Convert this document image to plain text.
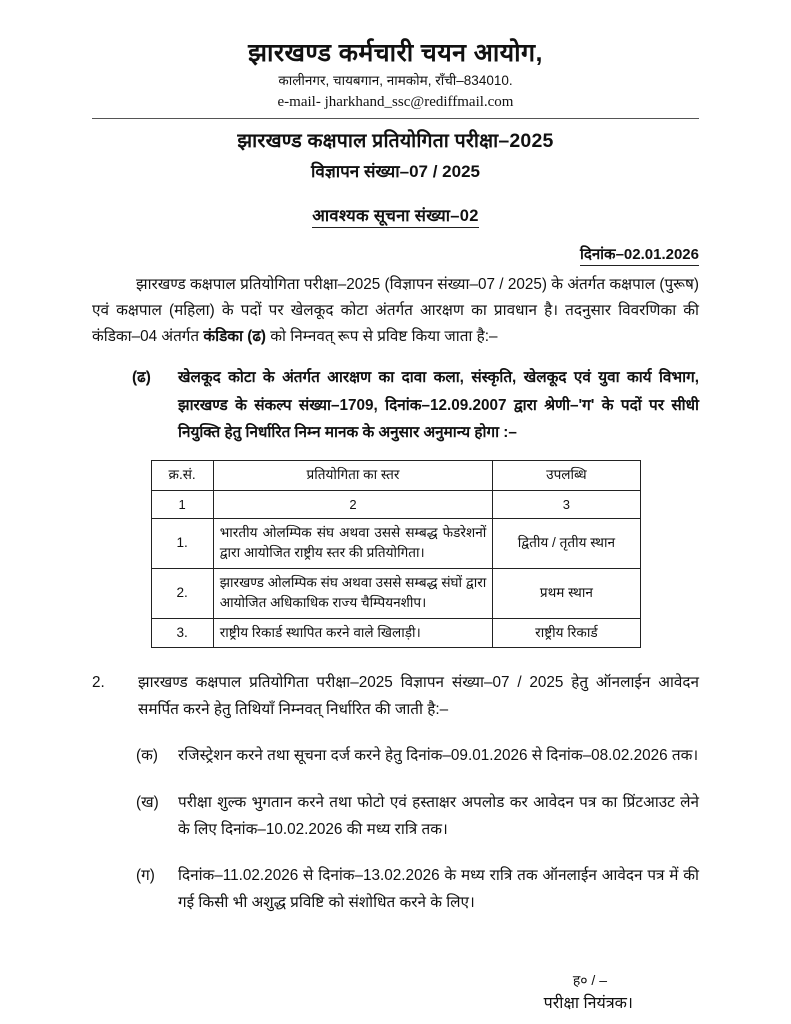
झारखण्ड कर्मचारी चयन आयोग,
कालीनगर, चायबगान, नामकोम, राँची–834010.
e-mail- jharkhand_ssc@rediffmail.com
झारखण्ड कक्षपाल प्रतियोगिता परीक्षा–2025
विज्ञापन संख्या–07 / 2025
आवश्यक सूचना संख्या–02
दिनांक–02.01.2026

झारखण्ड कक्षपाल प्रतियोगिता परीक्षा–2025 (विज्ञापन संख्या–07 / 2025) के अंतर्गत कक्षपाल (पुरूष) एवं कक्षपाल (महिला) के पदों पर खेलकूद कोटा अंतर्गत आरक्षण का प्रावधान है। तदनुसार विवरणिका की कंडिका–04 अंतर्गत कंडिका (ढ) को निम्नवत् रूप से प्रविष्ट किया जाता है:–

(ढ)	खेलकूद कोटा के अंतर्गत आरक्षण का दावा कला, संस्कृति, खेलकूद एवं युवा कार्य विभाग, झारखण्ड के संकल्प संख्या–1709, दिनांक–12.09.2007 द्वारा श्रेणी–'ग' के पदों पर सीधी नियुक्ति हेतु निर्धारित निम्न मानक के अनुसार अनुमान्य होगा :–
क्र.सं.	प्रतियोगिता का स्तर	उपलब्धि
1	2	3
1.	भारतीय ओलम्पिक संघ अथवा उससे सम्बद्ध फेडरेशनों द्वारा आयोजित राष्ट्रीय स्तर की प्रतियोगिता।	द्वितीय / तृतीय स्थान
2.	झारखण्ड ओलम्पिक संघ अथवा उससे सम्बद्ध संघों द्वारा आयोजित अधिकाधिक राज्य चैम्पियनशीप।	प्रथम स्थान
3.	राष्ट्रीय रिकार्ड स्थापित करने वाले खिलाड़ी।	राष्ट्रीय रिकार्ड
2.	झारखण्ड कक्षपाल प्रतियोगिता परीक्षा–2025 विज्ञापन संख्या–07 / 2025 हेतु ऑनलाईन आवेदन समर्पित करने हेतु तिथियाँ निम्नवत् निर्धारित की जाती है:–
(क)	रजिस्ट्रेशन करने तथा सूचना दर्ज करने हेतु दिनांक–09.01.2026 से दिनांक–08.02.2026 तक।
(ख)	परीक्षा शुल्क भुगतान करने तथा फोटो एवं हस्ताक्षर अपलोड कर आवेदन पत्र का प्रिंटआउट लेने के लिए दिनांक–10.02.2026 की मध्य रात्रि तक।
(ग)	दिनांक–11.02.2026 से दिनांक–13.02.2026 के मध्य रात्रि तक ऑनलाईन आवेदन पत्र में की गई किसी भी अशुद्ध प्रविष्टि को संशोधित करने के लिए।
ह० / –
परीक्षा नियंत्रक।
